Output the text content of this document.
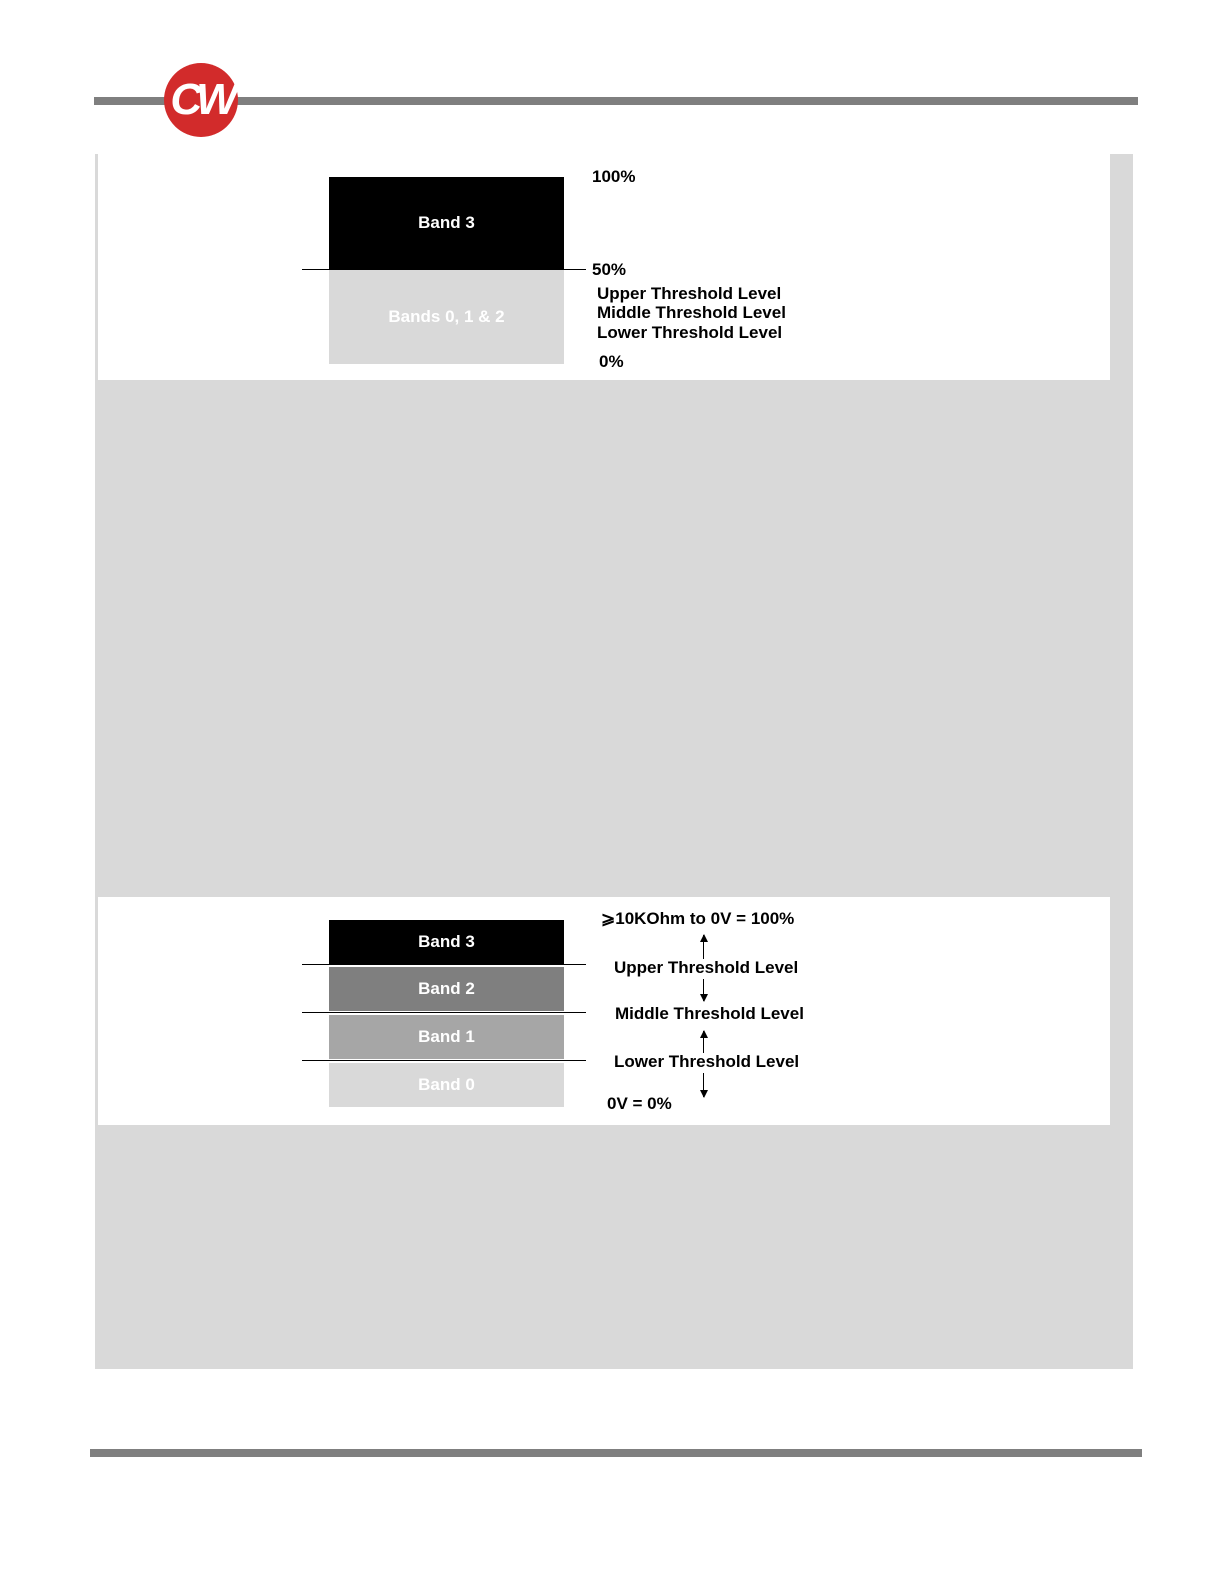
CW
Band 3
Bands 0, 1 & 2
100%
50%
Upper Threshold Level
Middle Threshold Level
Lower Threshold Level
0%
Band 3
Band 2
Band 1
Band 0
⩾10KOhm to 0V = 100%
Upper Threshold Level
Middle Threshold Level
Lower Threshold Level
0V = 0%
